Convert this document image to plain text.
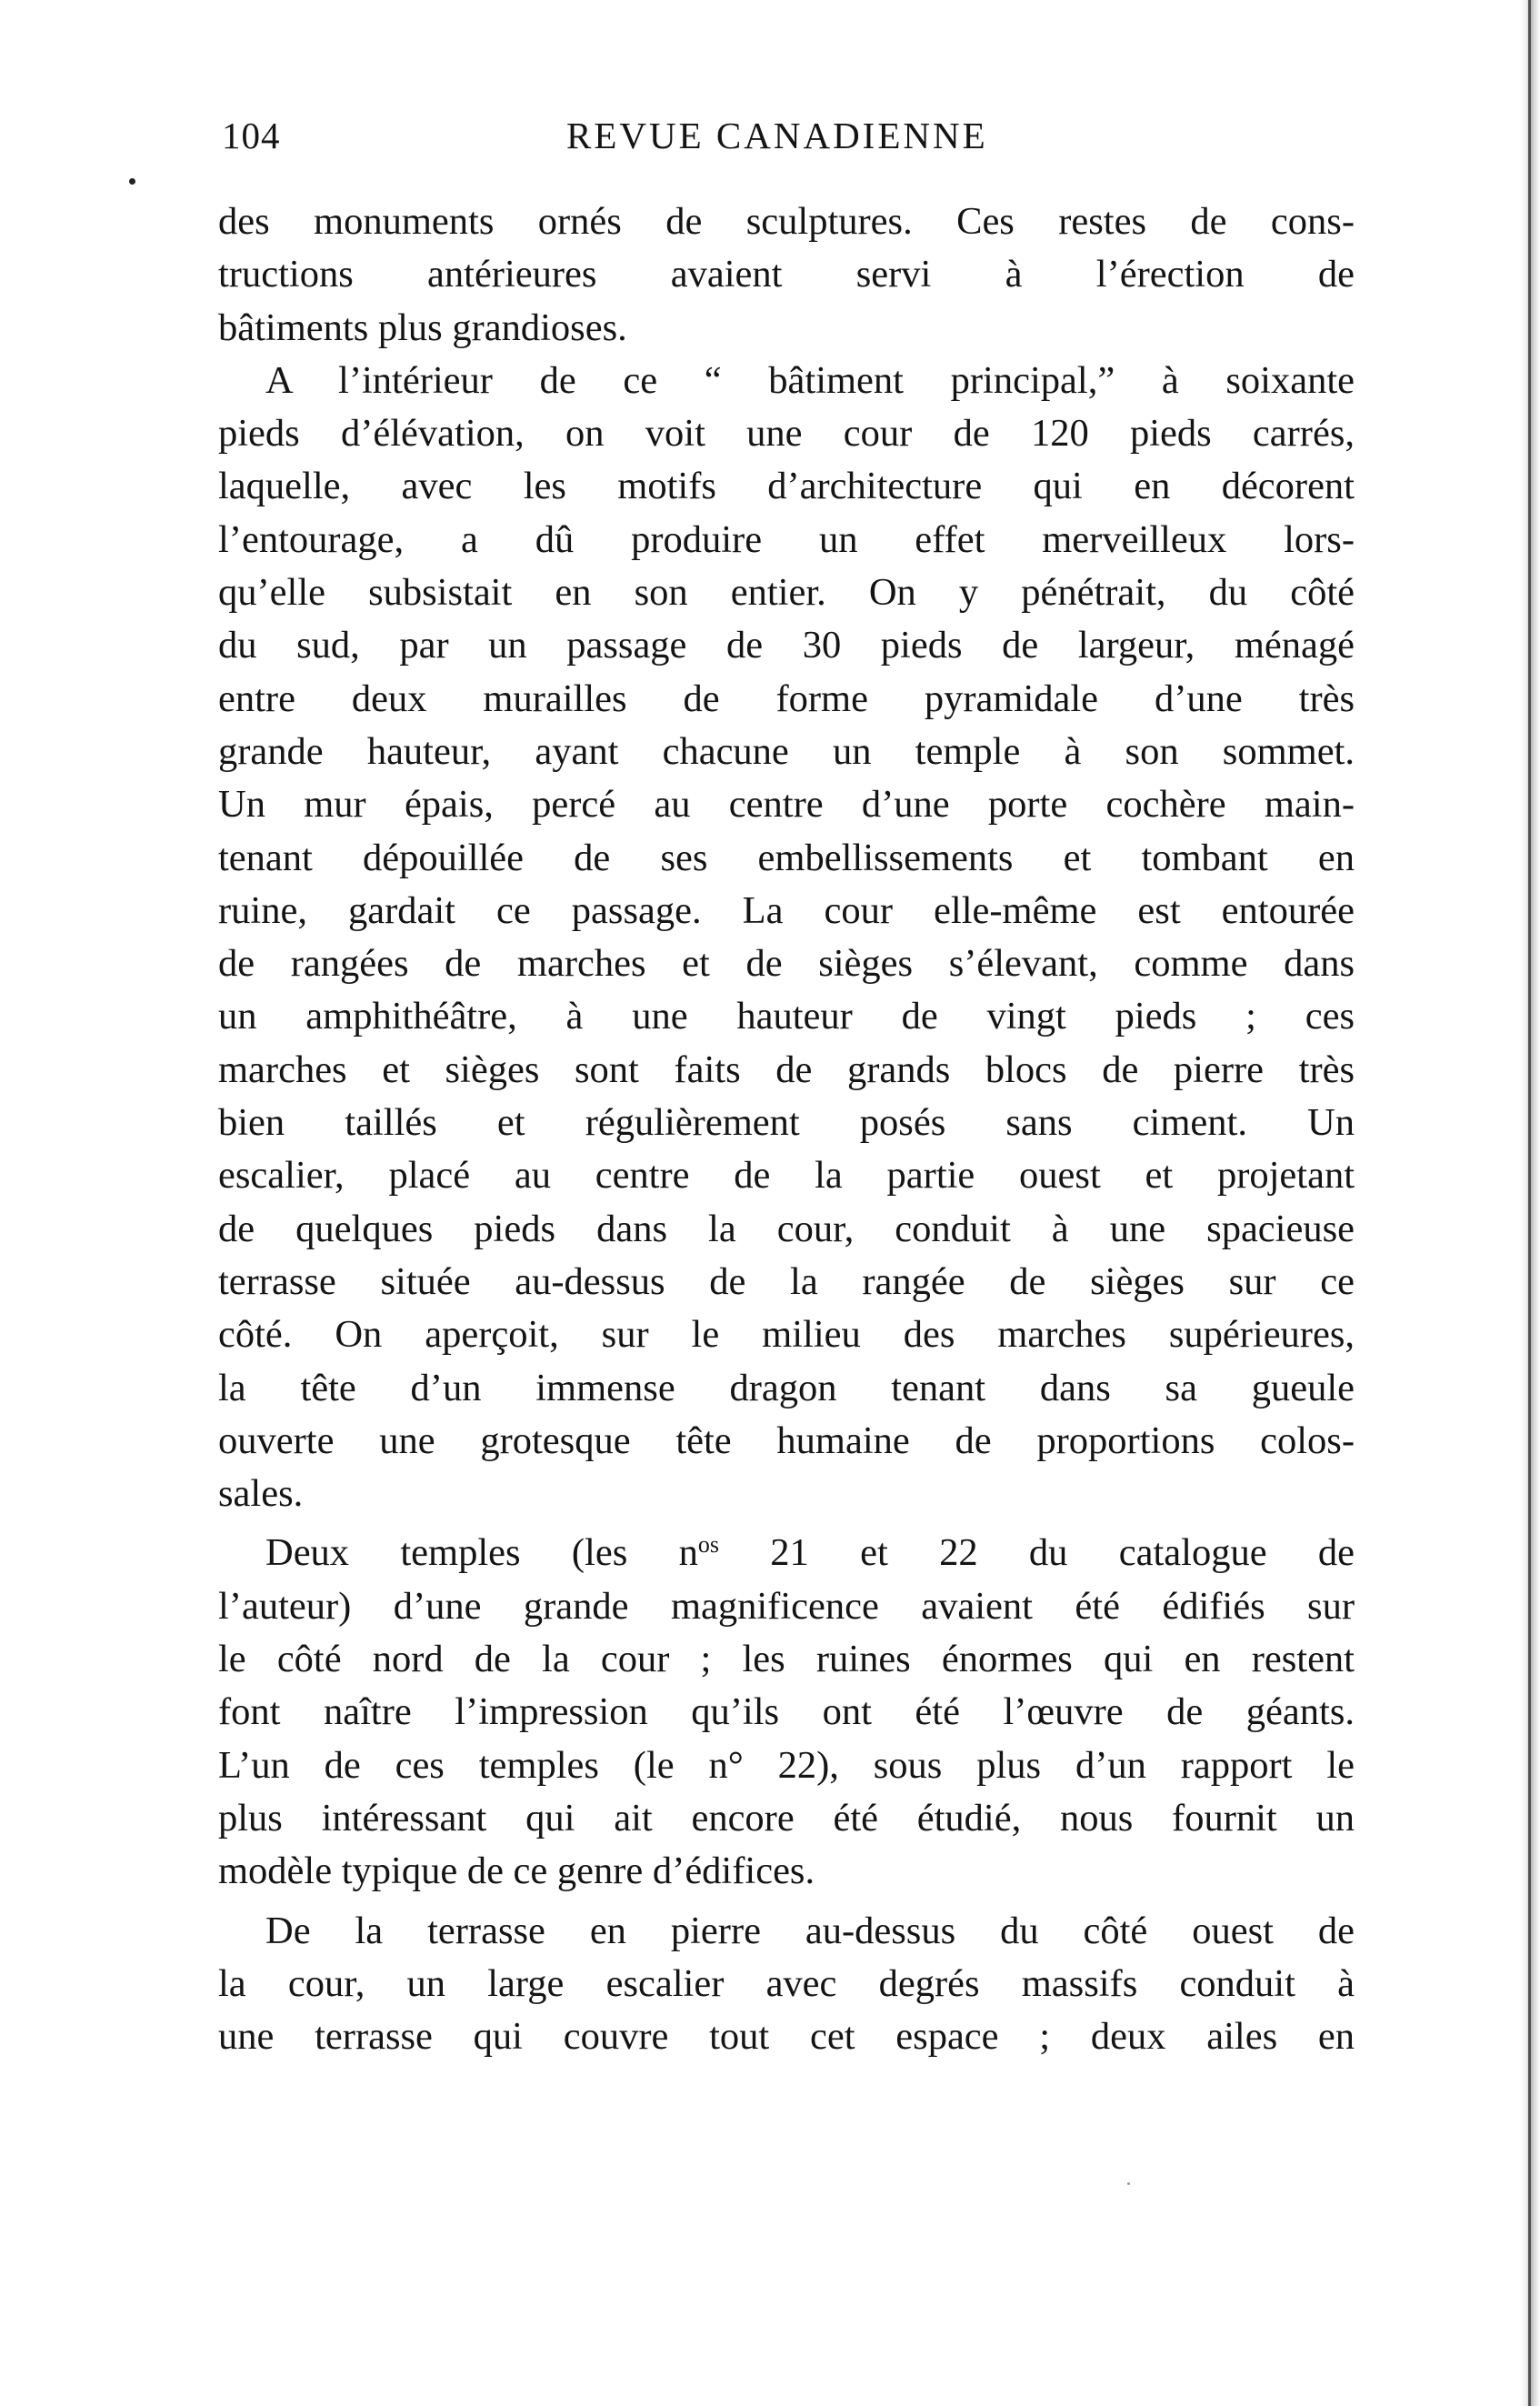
104	REVUE CANADIENNE
des monuments ornés de sculptures. Ces restes de cons-
tructions antérieures avaient servi à l’érection de
bâtiments plus grandioses.
A l’intérieur de ce “ bâtiment principal,” à soixante
pieds d’élévation, on voit une cour de 120 pieds carrés,
laquelle, avec les motifs d’architecture qui en décorent
l’entourage, a dû produire un effet merveilleux lors-
qu’elle subsistait en son entier. On y pénétrait, du côté
du sud, par un passage de 30 pieds de largeur, ménagé
entre deux murailles de forme pyramidale d’une très
grande hauteur, ayant chacune un temple à son sommet.
Un mur épais, percé au centre d’une porte cochère main-
tenant dépouillée de ses embellissements et tombant en
ruine, gardait ce passage. La cour elle-même est entourée
de rangées de marches et de sièges s’élevant, comme dans
un amphithéâtre, à une hauteur de vingt pieds ; ces
marches et sièges sont faits de grands blocs de pierre très
bien taillés et régulièrement posés sans ciment. Un
escalier, placé au centre de la partie ouest et projetant
de quelques pieds dans la cour, conduit à une spacieuse
terrasse située au-dessus de la rangée de sièges sur ce
côté. On aperçoit, sur le milieu des marches supérieures,
la tête d’un immense dragon tenant dans sa gueule
ouverte une grotesque tête humaine de proportions colos-
sales.
Deux temples (les $n^{os}$ 21 et 22 du catalogue de
l’auteur) d’une grande magnificence avaient été édifiés sur
le côté nord de la cour ; les ruines énormes qui en restent
font naître l’impression qu’ils ont été l’œuvre de géants.
L’un de ces temples (le n° 22), sous plus d’un rapport le
plus intéressant qui ait encore été étudié, nous fournit un
modèle typique de ce genre d’édifices.
De la terrasse en pierre au-dessus du côté ouest de
la cour, un large escalier avec degrés massifs conduit à
une terrasse qui couvre tout cet espace ; deux ailes en
